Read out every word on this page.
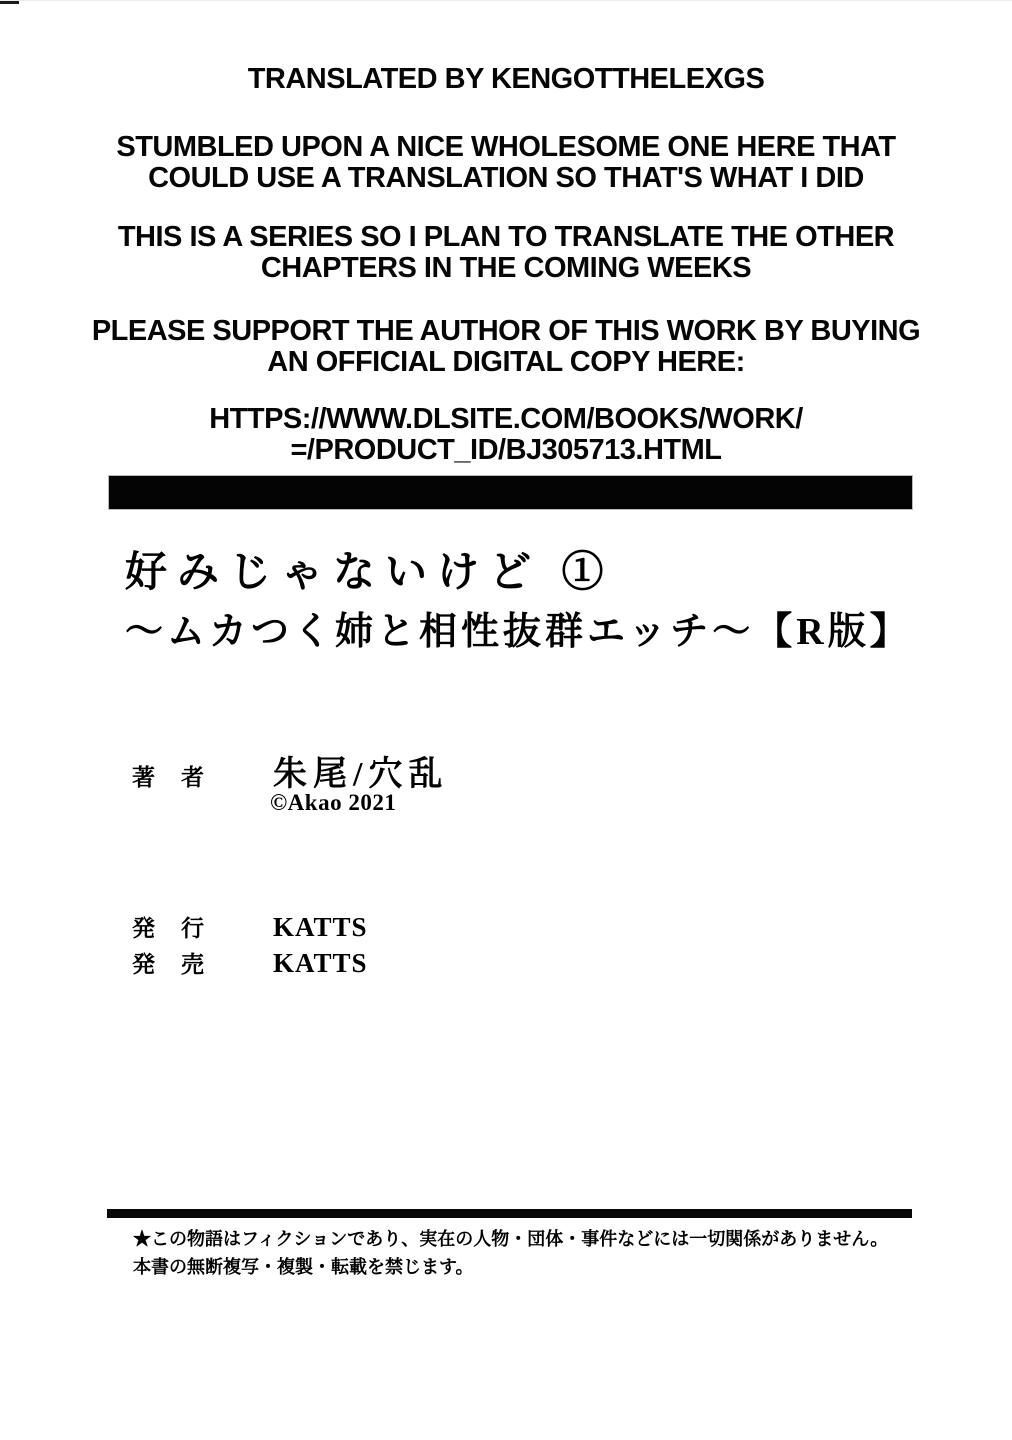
TRANSLATED BY KENGOTTHELEXGS

STUMBLED UPON A NICE WHOLESOME ONE HERE THAT
COULD USE A TRANSLATION SO THAT'S WHAT I DID

THIS IS A SERIES SO I PLAN TO TRANSLATE THE OTHER
CHAPTERS IN THE COMING WEEKS

PLEASE SUPPORT THE AUTHOR OF THIS WORK BY BUYING
AN OFFICIAL DIGITAL COPY HERE:

HTTPS://WWW.DLSITE.COM/BOOKS/WORK/
=/PRODUCT_ID/BJ305713.HTML

好みじゃないけど ①
〜ムカつく姉と相性抜群エッチ〜【R版】
著 者 朱尾/穴乱
©Akao 2021
発 行	KATTS
発 売	KATTS
★この物語はフィクションであり、実在の人物・団体・事件などには一切関係がありません。
本書の無断複写・複製・転載を禁じます。
